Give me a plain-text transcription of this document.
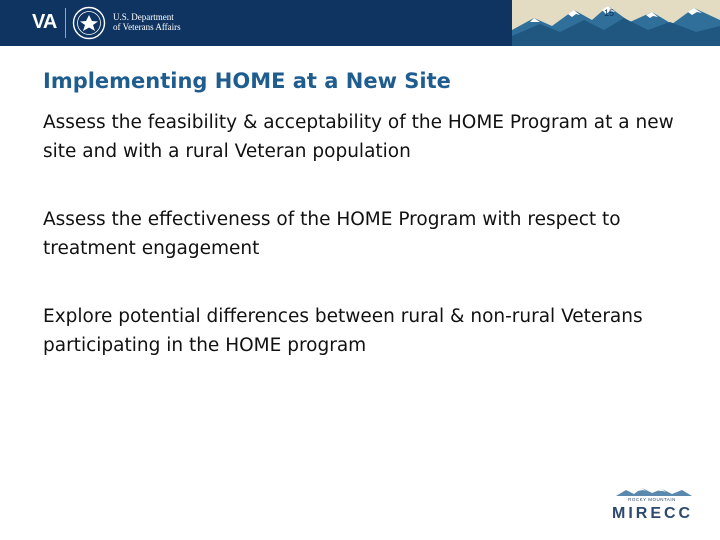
VA	U.S. Department
of Veterans Affairs
15
Implementing HOME at a New Site
Assess the feasibility & acceptability of the HOME Program at a new site and with a rural Veteran population
Assess the effectiveness of the HOME Program with respect to treatment engagement
Explore potential differences between rural & non-rural Veterans participating in the HOME program
ROCKY MOUNTAIN
MIRECC
